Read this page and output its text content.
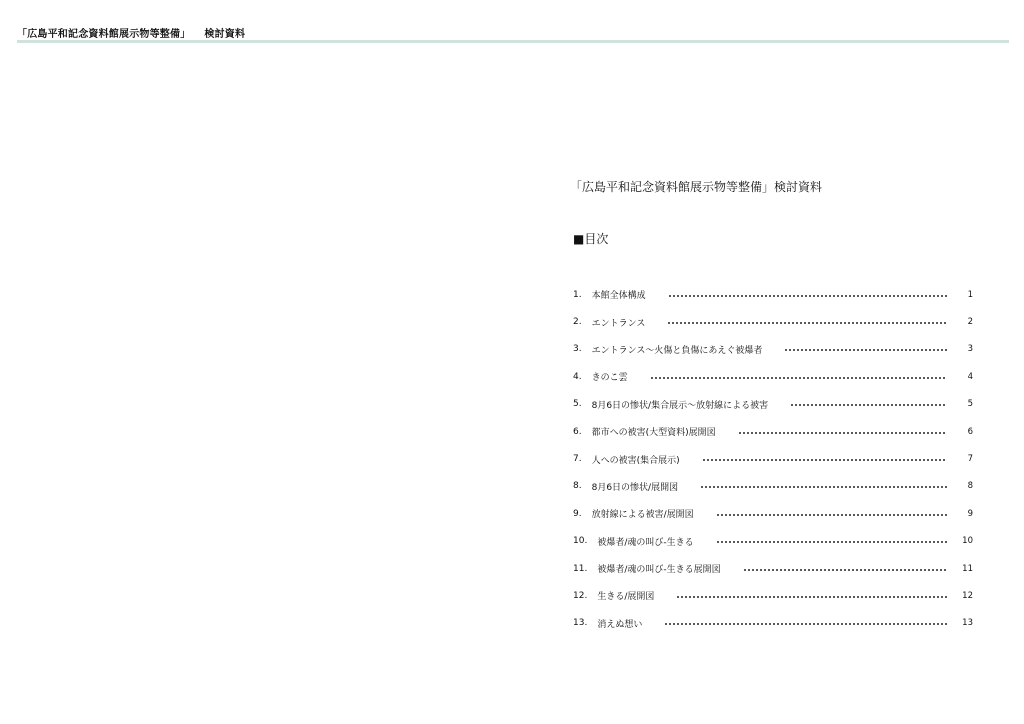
「広島平和記念資料館展示物等整備」 検討資料
「広島平和記念資料館展示物等整備」検討資料
■目次
1. 本館全体構成	1
2. エントランス	2
3. エントランス～火傷と負傷にあえぐ被爆者	3
4. きのこ雲	4
5. 8月6日の惨状/集合展示～放射線による被害	5
6. 都市への被害(大型資料)展開図	6
7. 人への被害(集合展示)	7
8. 8月6日の惨状/展開図	8
9. 放射線による被害/展開図	9
10. 被爆者/魂の叫び-生きる	10
11. 被爆者/魂の叫び-生きる展開図	11
12. 生きる/展開図	12
13. 消えぬ想い	13
